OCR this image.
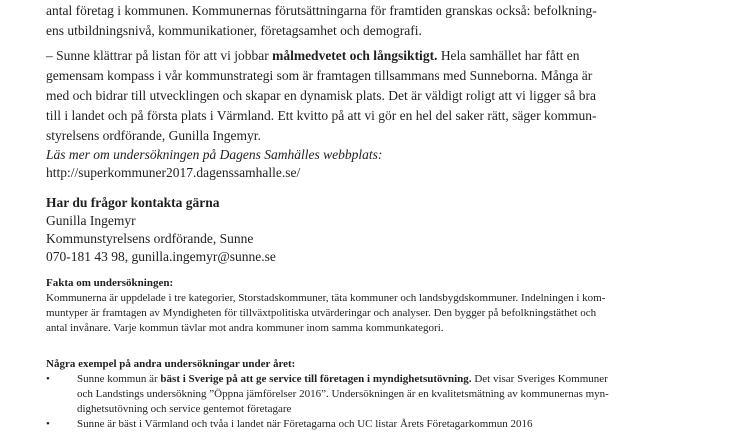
antal företag i kommunen. Kommunernas förutsättningarna för framtiden granskas också: befolkning-
ens utbildningsnivå, kommunikationer, företagsamhet och demografi.
– Sunne klättrar på listan för att vi jobbar målmedvetet och långsiktigt. Hela samhället har fått en
gemensam kompass i vår kommunstrategi som är framtagen tillsammans med Sunneborna. Många är
med och bidrar till utvecklingen och skapar en dynamisk plats. Det är väldigt roligt att vi ligger så bra
till i landet och på första plats i Värmland. Ett kvitto på att vi gör en hel del saker rätt, säger kommun-
styrelsens ordförande, Gunilla Ingemyr.
Läs mer om undersökningen på Dagens Samhälles webbplats:
http://superkommuner2017.dagenssamhalle.se/
Har du frågor kontakta gärna
Gunilla Ingemyr
Kommunstyrelsens ordförande, Sunne
070-181 43 98, gunilla.ingemyr@sunne.se
Fakta om undersökningen:
Kommunerna är uppdelade i tre kategorier, Storstadskommuner, täta kommuner och landsbygdskommuner. Indelningen i kom-
muntyper är framtagen av Myndigheten för tillväxtpolitiska utvärderingar och analyser. Den bygger på befolkningstäthet och
antal invånare. Varje kommun tävlar mot andra kommuner inom samma kommunkategori.
Några exempel på andra undersökningar under året:
•	Sunne kommun är bäst i Sverige på att ge service till företagen i myndighetsutövning. Det visar Sveriges Kommuner
och Landstings undersökning ”Öppna jämförelser 2016”. Undersökningen är en kvalitetsmätning av kommunernas myn-
dighetsutövning och service gentemot företagare
•	Sunne är bäst i Värmland och tvåa i landet när Företagarna och UC listar Årets Företagarkommun 2016
